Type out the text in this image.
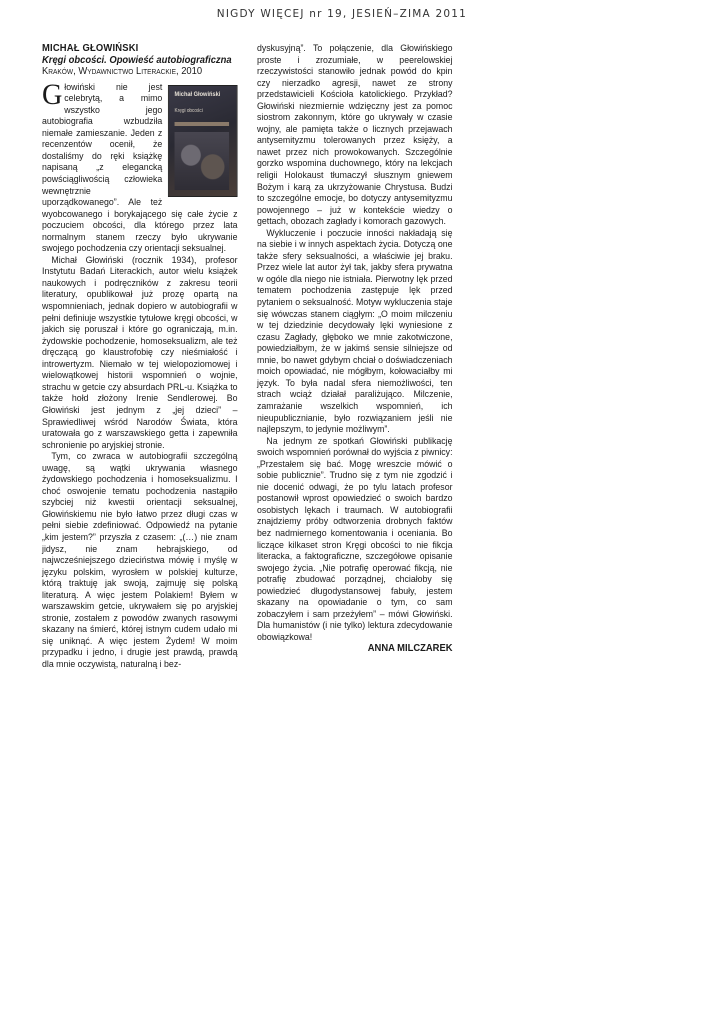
NIGDY WIĘCEJ nr 19, JESIEŃ–ZIMA 2011

MICHAŁ GŁOWIŃSKI

Kręgi obcości. Opowieść autobiograficzna

Kraków, Wydawnictwo Literackie, 2010

Michał Głowiński
Kręgi obcości

Głowiński nie jest celebrytą, a mimo wszystko jego autobiografia wzbudziła niemałe zamieszanie. Jeden z recenzentów ocenił, że dostaliśmy do ręki książkę napisaną „z elegancką powściągliwością człowieka wewnętrznie uporządkowanego”. Ale też wyobcowanego i borykającego się całe życie z poczuciem obcości, dla którego przez lata normalnym stanem rzeczy było ukrywanie swojego pochodzenia czy orientacji seksualnej.

Michał Głowiński (rocznik 1934), profesor Instytutu Badań Literackich, autor wielu książek naukowych i podręczników z zakresu teorii literatury, opublikował już prozę opartą na wspomnieniach, jednak dopiero w autobiografii w pełni definiuje wszystkie tytułowe kręgi obcości, w jakich się poruszał i które go ograniczają, m.in. żydowskie pochodzenie, homoseksualizm, ale też dręczącą go klaustrofobię czy nieśmiałość i introwertyzm. Niemało w tej wielopoziomowej i wielowątkowej historii wspomnień o wojnie, strachu w getcie czy absurdach PRL-u. Książka to także hołd złożony Irenie Sendlerowej. Bo Głowiński jest jednym z „jej dzieci” – Sprawiedliwej wśród Narodów Świata, która uratowała go z warszawskiego getta i zapewniła schronienie po aryjskiej stronie.

Tym, co zwraca w autobiografii szczególną uwagę, są wątki ukrywania własnego żydowskiego pochodzenia i homoseksualizmu. I choć oswojenie tematu pochodzenia nastąpiło szybciej niż kwestii orientacji seksualnej, Głowińskiemu nie było łatwo przez długi czas w pełni siebie zdefiniować. Odpowiedź na pytanie „kim jestem?” przyszła z czasem: „(…) nie znam jidysz, nie znam hebrajskiego, od najwcześniejszego dzieciństwa mówię i myślę w języku polskim, wyrosłem w polskiej kulturze, którą traktuję jak swoją, zajmuję się polską literaturą. A więc jestem Polakiem! Byłem w warszawskim getcie, ukrywałem się po aryjskiej stronie, zostałem z powodów zwanych rasowymi skazany na śmierć, której istnym cudem udało mi się uniknąć. A więc jestem Żydem! W moim przypadku i jedno, i drugie jest prawdą, prawdą dla mnie oczywistą, naturalną i bez-

dyskusyjną”. To połączenie, dla Głowińskiego proste i zrozumiałe, w peerelowskiej rzeczywistości stanowiło jednak powód do kpin czy nierzadko agresji, nawet ze strony przedstawicieli Kościoła katolickiego. Przykład? Głowiński niezmiernie wdzięczny jest za pomoc siostrom zakonnym, które go ukrywały w czasie wojny, ale pamięta także o licznych przejawach antysemityzmu tolerowanych przez księży, a nawet przez nich prowokowanych. Szczególnie gorzko wspomina duchownego, który na lekcjach religii Holokaust tłumaczył słusznym gniewem Bożym i karą za ukrzyżowanie Chrystusa. Budzi to szczególne emocje, bo dotyczy antysemityzmu powojennego – już w kontekście wiedzy o gettach, obozach zagłady i komorach gazowych.

Wykluczenie i poczucie inności nakładają się na siebie i w innych aspektach życia. Dotyczą one także sfery seksualności, a właściwie jej braku. Przez wiele lat autor żył tak, jakby sfera prywatna w ogóle dla niego nie istniała. Pierwotny lęk przed tematem pochodzenia zastępuje lęk przed pytaniem o seksualność. Motyw wykluczenia staje się wówczas stanem ciągłym: „O moim milczeniu w tej dziedzinie decydowały lęki wyniesione z czasu Zagłady, głęboko we mnie zakotwiczone, powiedziałbym, że w jakimś sensie silniejsze od mnie, bo nawet gdybym chciał o doświadczeniach moich opowiadać, nie mógłbym, kołowaciałby mi język. To była nadal sfera niemożliwości, ten strach wciąż działał paraliżująco. Milczenie, zamrażanie wszelkich wspomnień, ich nieupublicznianie, było rozwiązaniem jeśli nie najlepszym, to jedynie możliwym”.

Na jednym ze spotkań Głowiński publikację swoich wspomnień porównał do wyjścia z piwnicy: „Przestałem się bać. Mogę wreszcie mówić o sobie publicznie”. Trudno się z tym nie zgodzić i nie docenić odwagi, że po tylu latach profesor postanowił wprost opowiedzieć o swoich bardzo osobistych lękach i traumach. W autobiografii znajdziemy próby odtworzenia drobnych faktów bez nadmiernego komentowania i oceniania. Bo liczące kilkaset stron Kręgi obcości to nie fikcja literacka, a faktograficzne, szczegółowe opisanie swojego życia. „Nie potrafię operować fikcją, nie potrafię zbudować porządnej, chciałoby się powiedzieć długodystansowej fabuły, jestem skazany na opowiadanie o tym, co sam zobaczyłem i sam przeżyłem” – mówi Głowiński. Dla humanistów (i nie tylko) lektura zdecydowanie obowiązkowa!

ANNA MILCZAREK
